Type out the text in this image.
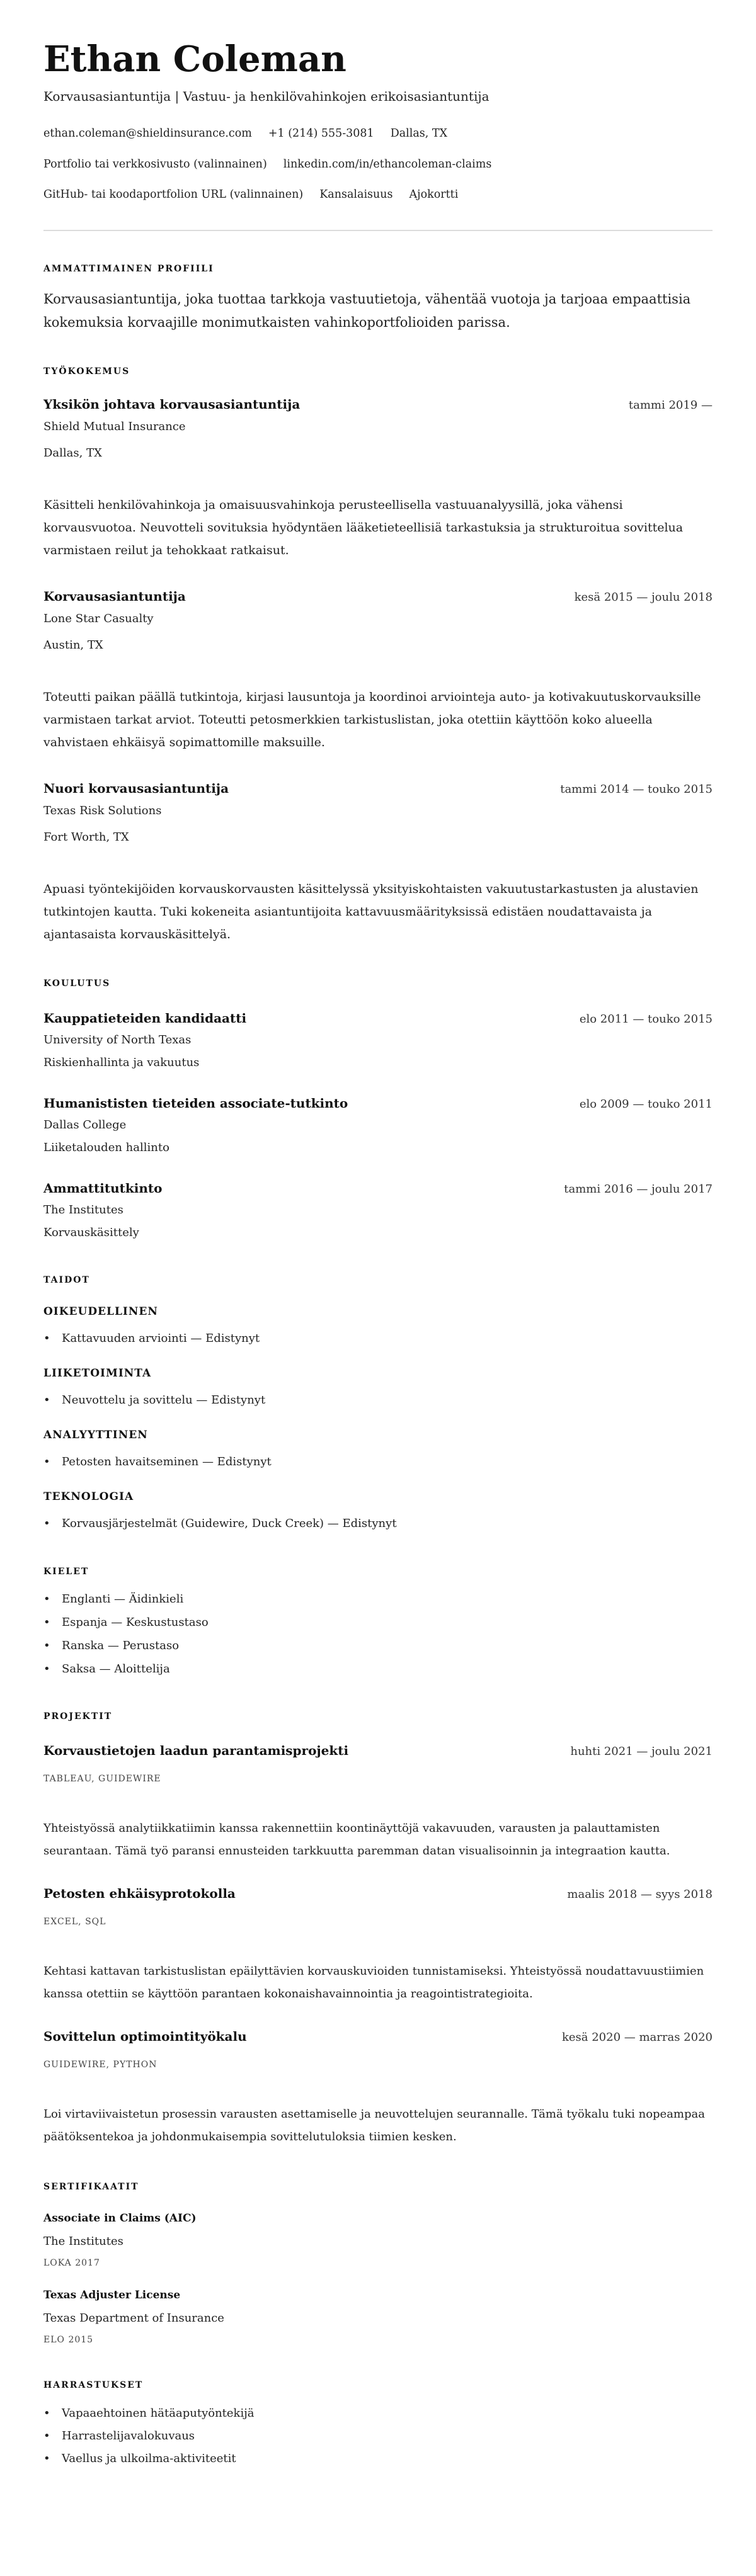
Ethan Coleman
Korvausasiantuntija | Vastuu- ja henkilövahinkojen erikoisasiantuntija
ethan.coleman@shieldinsurance.com +1 (214) 555-3081 Dallas, TX
Portfolio tai verkkosivusto (valinnainen) linkedin.com/in/ethancoleman-claims
GitHub- tai koodaportfolion URL (valinnainen) Kansalaisuus Ajokortti
AMMATTIMAINEN PROFIILI
Korvausasiantuntija, joka tuottaa tarkkoja vastuutietoja, vähentää vuotoja ja tarjoaa empaattisia kokemuksia korvaajille monimutkaisten vahinkoportfolioiden parissa.
TYÖKOKEMUS
Yksikön johtava korvausasiantuntija	tammi 2019 —
Shield Mutual Insurance
Dallas, TX
Käsitteli henkilövahinkoja ja omaisuusvahinkoja perusteellisella vastuuanalyysillä, joka vähensi korvausvuotoa. Neuvotteli sovituksia hyödyntäen lääketieteellisiä tarkastuksia ja strukturoitua sovittelua varmistaen reilut ja tehokkaat ratkaisut.
Korvausasiantuntija	kesä 2015 — joulu 2018
Lone Star Casualty
Austin, TX
Toteutti paikan päällä tutkintoja, kirjasi lausuntoja ja koordinoi arviointeja auto- ja kotivakuutuskorvauksille varmistaen tarkat arviot. Toteutti petosmerkkien tarkistuslistan, joka otettiin käyttöön koko alueella vahvistaen ehkäisyä sopimattomille maksuille.
Nuori korvausasiantuntija	tammi 2014 — touko 2015
Texas Risk Solutions
Fort Worth, TX
Apuasi työntekijöiden korvauskorvausten käsittelyssä yksityiskohtaisten vakuutustarkastusten ja alustavien tutkintojen kautta. Tuki kokeneita asiantuntijoita kattavuusmäärityksissä edistäen noudattavaista ja ajantasaista korvauskäsittelyä.
KOULUTUS
Kauppatieteiden kandidaatti	elo 2011 — touko 2015
University of North Texas
Riskienhallinta ja vakuutus
Humanististen tieteiden associate-tutkinto	elo 2009 — touko 2011
Dallas College
Liiketalouden hallinto
Ammattitutkinto	tammi 2016 — joulu 2017
The Institutes
Korvauskäsittely
TAIDOT
OIKEUDELLINEN
• Kattavuuden arviointi — Edistynyt
LIIKETOIMINTA
• Neuvottelu ja sovittelu — Edistynyt
ANALYYTTINEN
• Petosten havaitseminen — Edistynyt
TEKNOLOGIA
• Korvausjärjestelmät (Guidewire, Duck Creek) — Edistynyt
KIELET
• Englanti — Äidinkieli
• Espanja — Keskustustaso
• Ranska — Perustaso
• Saksa — Aloittelija
PROJEKTIT
Korvaustietojen laadun parantamisprojekti	huhti 2021 — joulu 2021
TABLEAU, GUIDEWIRE
Yhteistyössä analytiikkatiimin kanssa rakennettiin koontinäyttöjä vakavuuden, varausten ja palauttamisten seurantaan. Tämä työ paransi ennusteiden tarkkuutta paremman datan visualisoinnin ja integraation kautta.
Petosten ehkäisyprotokolla	maalis 2018 — syys 2018
EXCEL, SQL
Kehtasi kattavan tarkistuslistan epäilyttävien korvauskuvioiden tunnistamiseksi. Yhteistyössä noudattavuustiimien kanssa otettiin se käyttöön parantaen kokonaishavainnointia ja reagointistrategioita.
Sovittelun optimointityökalu	kesä 2020 — marras 2020
GUIDEWIRE, PYTHON
Loi virtaviivaistetun prosessin varausten asettamiselle ja neuvottelujen seurannalle. Tämä työkalu tuki nopeampaa päätöksentekoa ja johdonmukaisempia sovittelutuloksia tiimien kesken.
SERTIFIKAATIT
Associate in Claims (AIC)
The Institutes
LOKA 2017
Texas Adjuster License
Texas Department of Insurance
ELO 2015
HARRASTUKSET
• Vapaaehtoinen hätäaputyöntekijä
• Harrastelijavalokuvaus
• Vaellus ja ulkoilma-aktiviteetit
